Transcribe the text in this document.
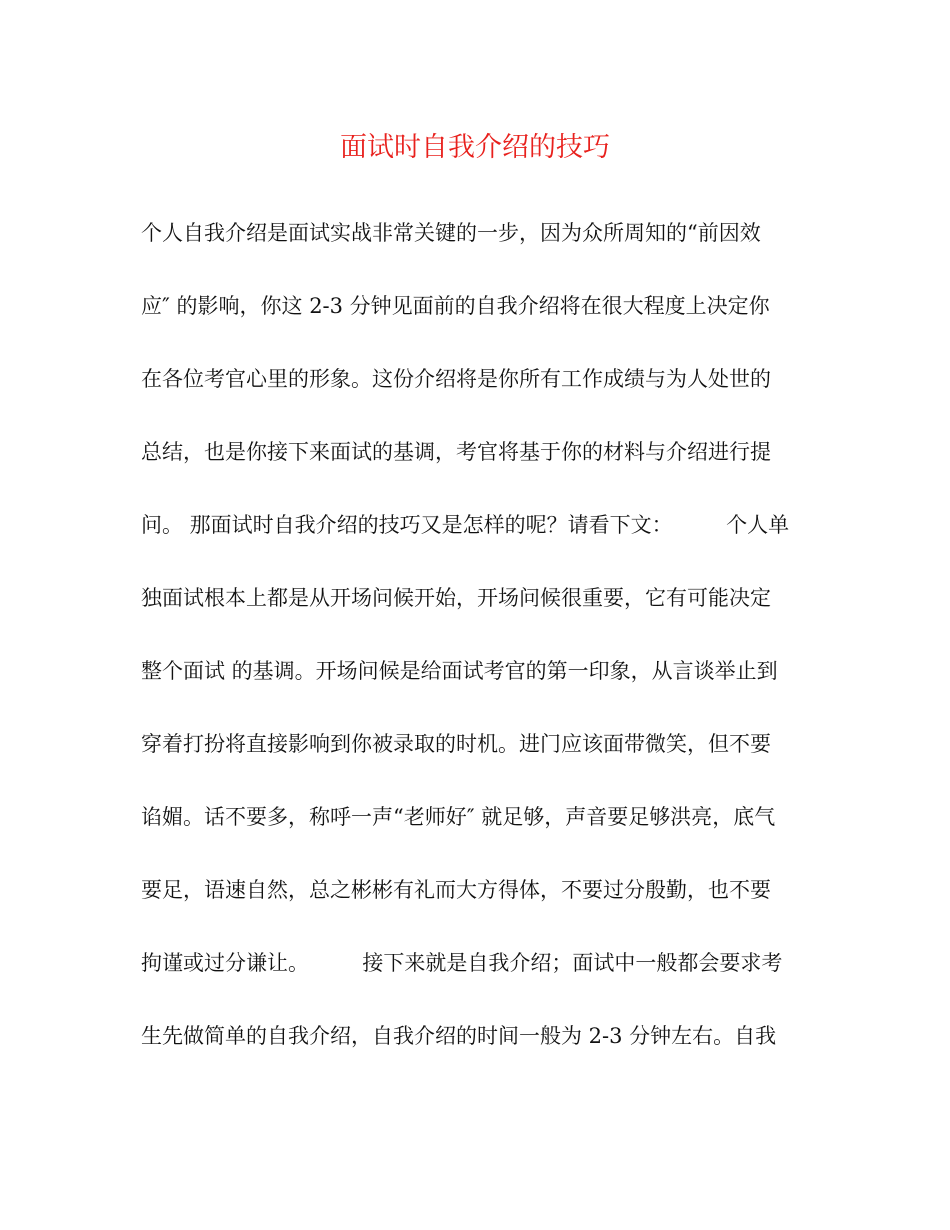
面试时自我介绍的技巧

个人自我介绍是面试实战非常关键的一步，因为众所周知的“前因效

应″ 的影响，你这 2-3 分钟见面前的自我介绍将在很大程度上决定你

在各位考官心里的形象。这份介绍将是你所有工作成绩与为人处世的

总结，也是你接下来面试的基调，考官将基于你的材料与介绍进行提

问。 那面试时自我介绍的技巧又是怎样的呢？请看下文：        个人单

独面试根本上都是从开场问候开始，开场问候很重要，它有可能决定

整个面试 的基调。开场问候是给面试考官的第一印象，从言谈举止到

穿着打扮将直接影响到你被录取的时机。进门应该面带微笑，但不要

谄媚。话不要多，称呼一声“老师好″ 就足够，声音要足够洪亮，底气

要足，语速自然，总之彬彬有礼而大方得体，不要过分殷勤，也不要

拘谨或过分谦让。        接下来就是自我介绍；面试中一般都会要求考

生先做简单的自我介绍，自我介绍的时间一般为 2-3 分钟左右。自我
